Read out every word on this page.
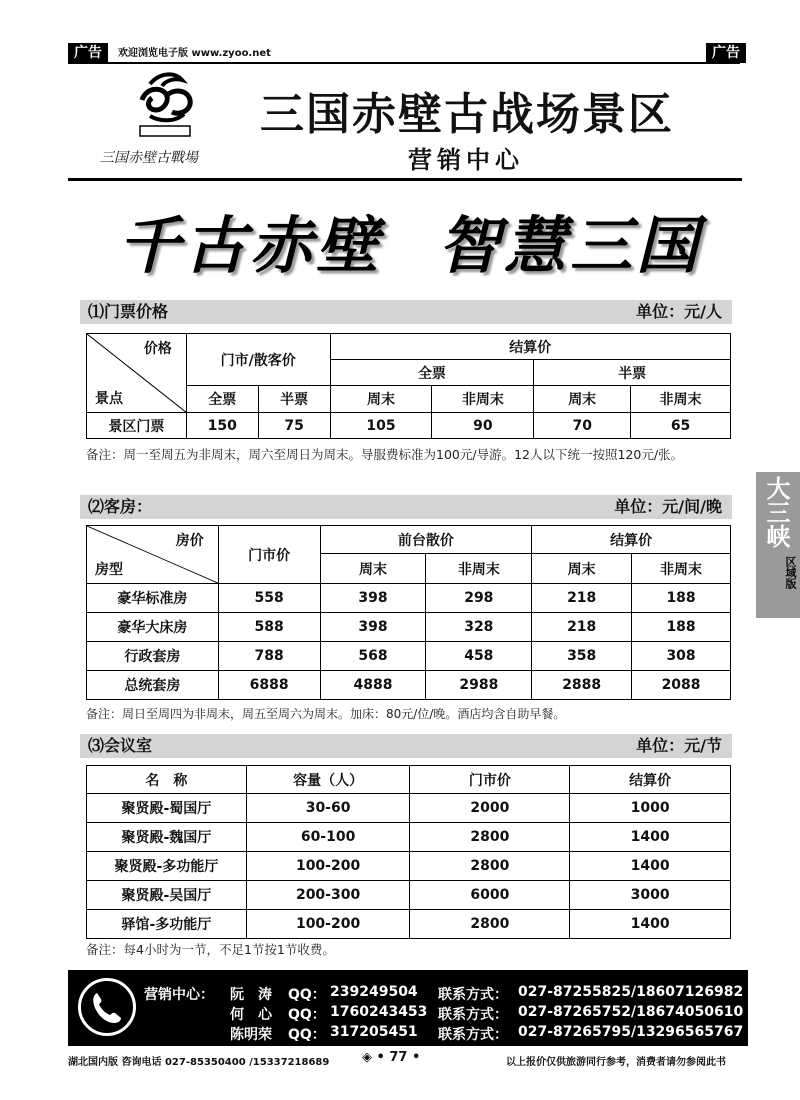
广告	欢迎浏览电子版 www.zyoo.net	广告
三国赤壁古戰場
三国赤壁古战场景区
营销中心
千古赤壁 智慧三国
⑴门票价格	单位：元/人
价格
景点	门市/散客价		结算价			
			全票		半票	
	全票	半票	周末	非周末	周末	非周末
景区门票	150	75	105	90	70	65
备注：周一至周五为非周末，周六至周日为周末。导服费标准为100元/导游。12人以下统一按照120元/张。
⑵客房：	单位：元/间/晚
房价
房型	门市价	前台散价		结算价	
		周末	非周末	周末	非周末
豪华标准房	558	398	298	218	188
豪华大床房	588	398	328	218	188
行政套房	788	568	458	358	308
总统套房	6888	4888	2988	2888	2088
备注：周日至周四为非周末，周五至周六为周末。加床：80元/位/晚。酒店均含自助早餐。
⑶会议室	单位：元/节
名　称	容量（人）	门市价	结算价
聚贤殿-蜀国厅	30-60	2000	1000
聚贤殿-魏国厅	60-100	2800	1400
聚贤殿-多功能厅	100-200	2800	1400
聚贤殿-吴国厅	200-300	6000	3000
驿馆-多功能厅	100-200	2800	1400
备注：每4小时为一节，不足1节按1节收费。
大三峡
区域版
营销中心： 阮　涛 QQ： 239249504 联系方式： 027-87255825/18607126982
何　心 QQ： 1760243453 联系方式： 027-87265752/18674050610
陈明荣 QQ： 317205451 联系方式： 027-87265795/13296565767
湖北国内版 咨询电话 027-85350400 /15337218689	◈ • 77 •	以上报价仅供旅游同行参考，消费者请勿参阅此书
